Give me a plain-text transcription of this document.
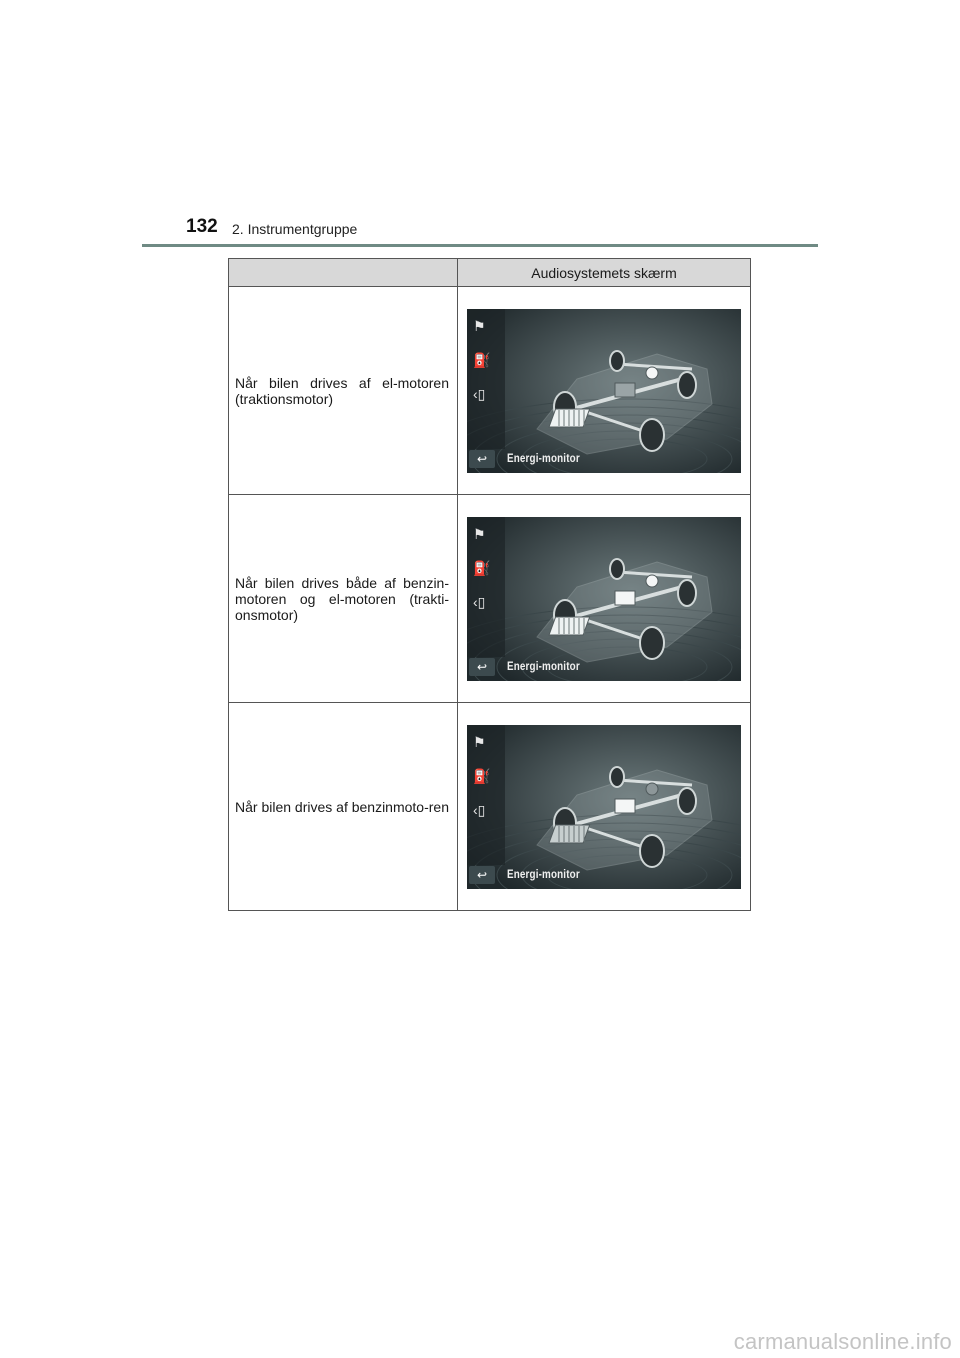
132 2. Instrumentgruppe
	Audiosystemets skærm
Når bilen drives af el-motoren (traktionsmotor)	⚑
⛽
‹▯
↩ Energi-monitor

Når bilen drives både af benzin-motoren og el-motoren (trakti-onsmotor)	⚑
⛽
‹▯
↩ Energi-monitor

Når bilen drives af benzinmoto-ren	⚑
⛽
‹▯
↩ Energi-monitor
carmanualsonline.info
